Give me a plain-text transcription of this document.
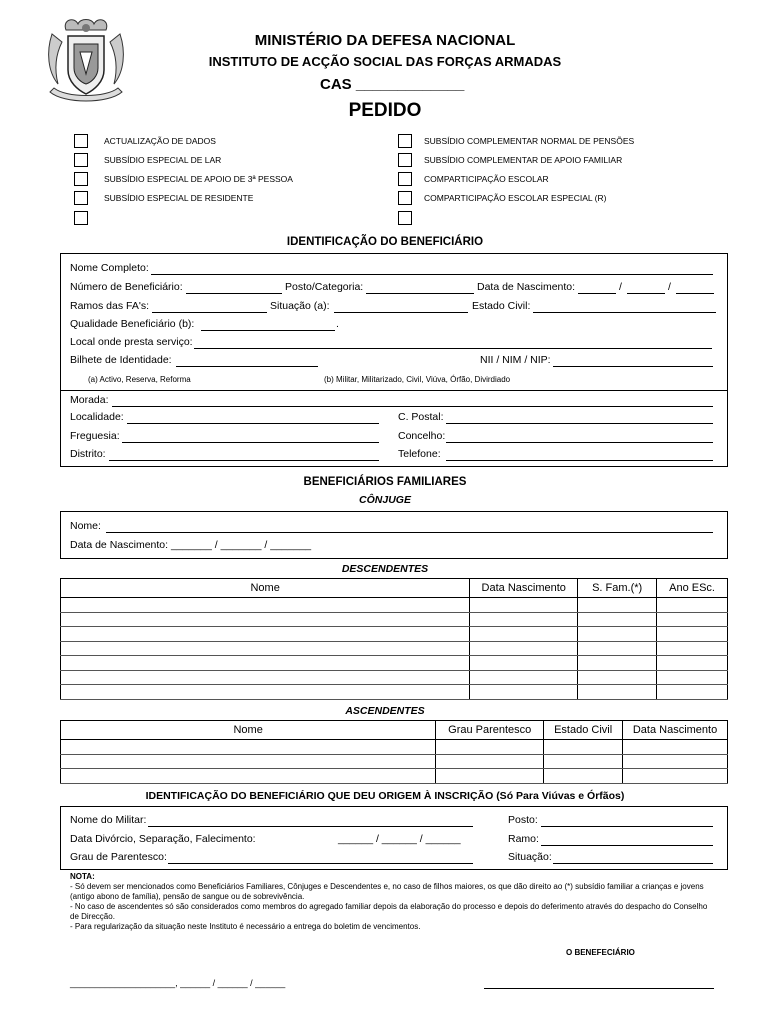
MINISTÉRIO DA DEFESA NACIONAL
INSTITUTO DE ACÇÃO SOCIAL DAS FORÇAS ARMADAS
CAS _____________
PEDIDO
ACTUALIZAÇÃO DE DADOS
SUBSÍDIO ESPECIAL DE LAR
SUBSÍDIO ESPECIAL DE APOIO DE 3ª PESSOA
SUBSÍDIO ESPECIAL DE RESIDENTE
SUBSÍDIO COMPLEMENTAR NORMAL DE PENSÕES
SUBSÍDIO COMPLEMENTAR DE APOIO FAMILIAR
COMPARTICIPAÇÃO ESCOLAR
COMPARTICIPAÇÃO ESCOLAR ESPECIAL (R)
IDENTIFICAÇÃO DO BENEFICIÁRIO
Nome Completo:
Número de Beneficiário:	Posto/Categoria:	Data de Nascimento:	/	/
Ramos das FA's:	Situação (a):	Estado Civil:
Qualidade Beneficiário (b):	.
Local onde presta serviço:
Bilhete de Identidade:	NII / NIM / NIP:
(a) Activo, Reserva, Reforma	(b) Militar, Militarizado, Civil, Viúva, Órfão, Divirdiado
Morada:
Localidade:	C. Postal:
Freguesia:	Concelho:
Distrito:	Telefone:
BENEFICIÁRIOS FAMILIARES
CÔNJUGE
Nome:
Data de Nascimento: _______ / _______ / _______
DESCENDENTES
Nome	Data Nascimento	S. Fam.(*)	Ano ESc.

ASCENDENTES
Nome	Grau Parentesco	Estado Civil	Data Nascimento

IDENTIFICAÇÃO DO BENEFICIÁRIO QUE DEU ORIGEM À INSCRIÇÃO (Só Para Viúvas e Órfãos)
Nome do Militar:	Posto:
Data Divórcio, Separação, Falecimento:	______ / ______ / ______	Ramo:
Grau de Parentesco:	Situação:
NOTA:
- Só devem ser mencionados como Beneficiários Familiares, Cônjuges e Descendentes e, no caso de filhos maiores, os que dão direito ao (*) subsídio familiar a crianças e jovens (antigo abono de família), pensão de sangue ou de sobrevivência.
- No caso de ascendentes só são considerados como membros do agregado familiar depois da elaboração do processo e depois do deferimento através do despacho do Conselho de Direcção.
- Para regularização da situação neste Instituto é necessário a entrega do boletim de vencimentos.
O BENEFECIÁRIO
_____________________, ______ / ______ / ______
